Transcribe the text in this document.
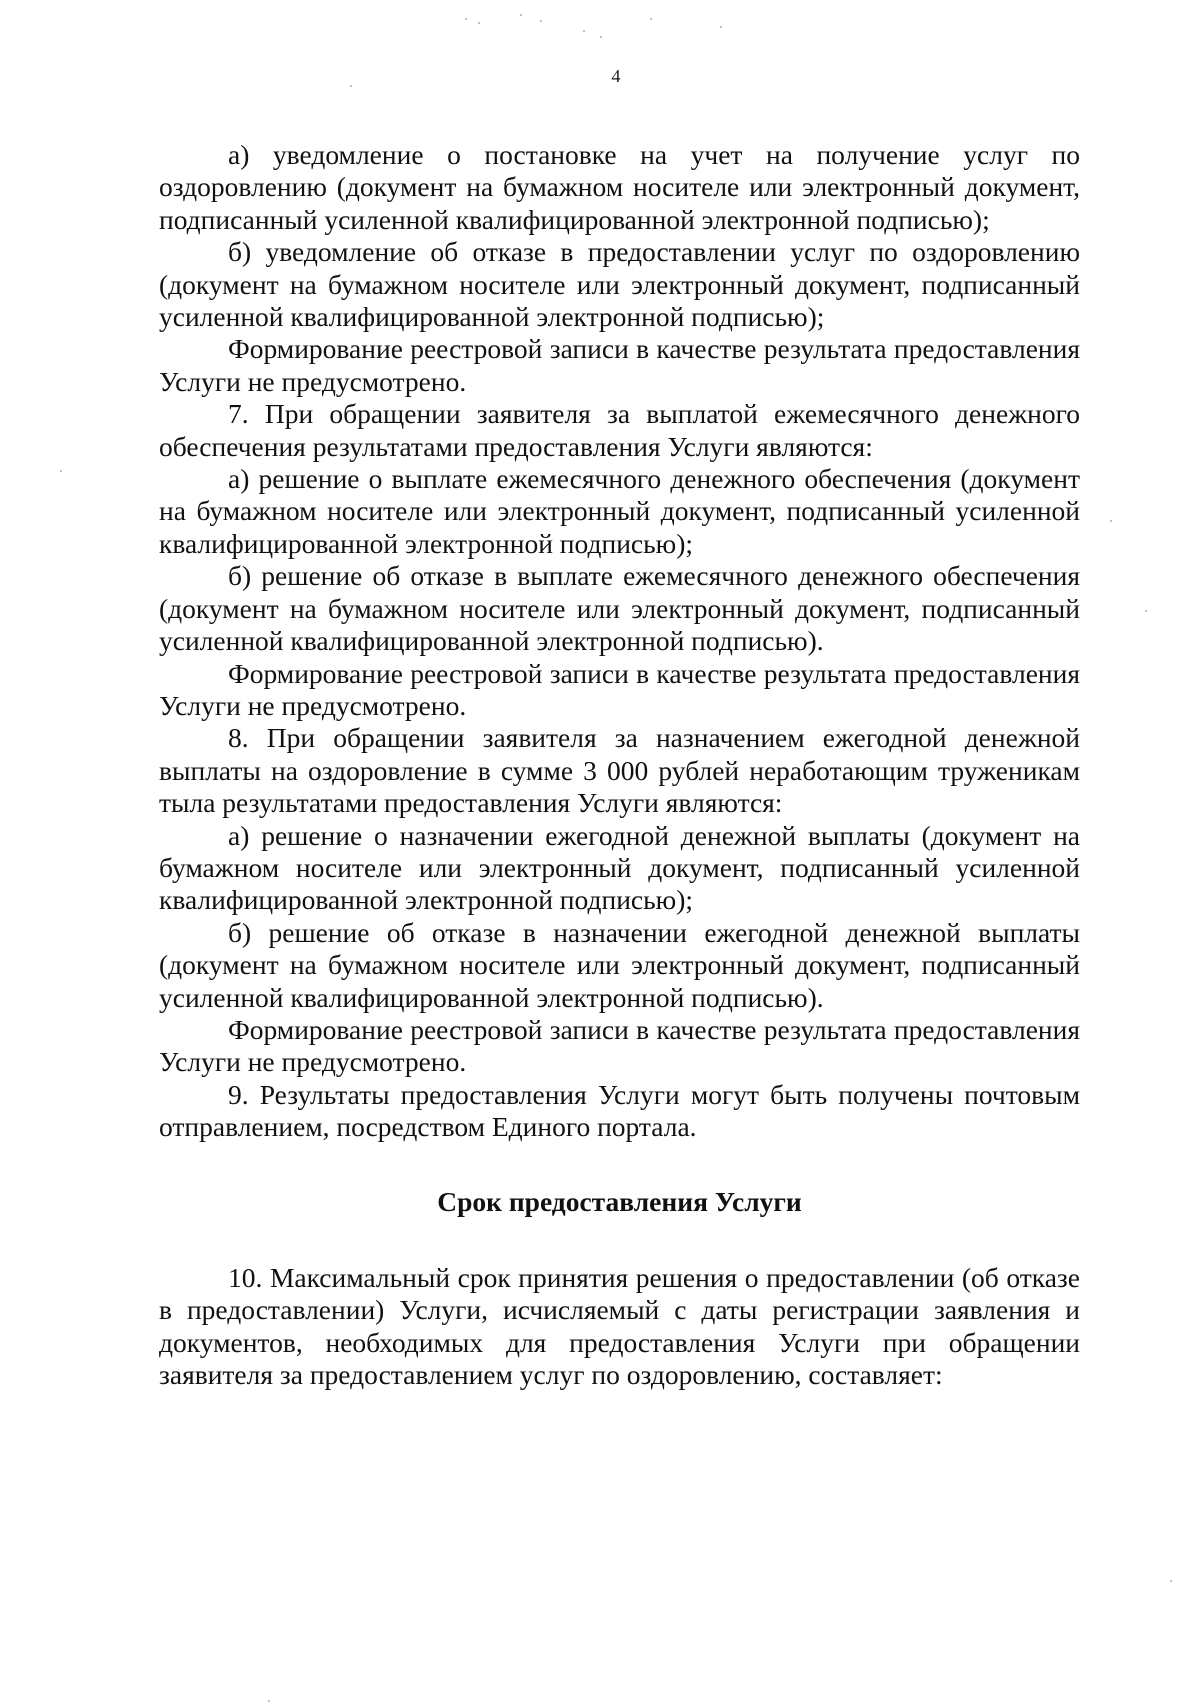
4

а) уведомление о постановке на учет на получение услуг по оздоровлению (документ на бумажном носителе или электронный документ, подписанный усиленной квалифицированной электронной подписью);

б) уведомление об отказе в предоставлении услуг по оздоровлению (документ на бумажном носителе или электронный документ, подписанный усиленной квалифицированной электронной подписью);

Формирование реестровой записи в качестве результата предоставления Услуги не предусмотрено.

7. При обращении заявителя за выплатой ежемесячного денежного обеспечения результатами предоставления Услуги являются:

а) решение о выплате ежемесячного денежного обеспечения (документ на бумажном носителе или электронный документ, подписанный усиленной квалифицированной электронной подписью);

б) решение об отказе в выплате ежемесячного денежного обеспечения (документ на бумажном носителе или электронный документ, подписанный усиленной квалифицированной электронной подписью).

Формирование реестровой записи в качестве результата предоставления Услуги не предусмотрено.

8. При обращении заявителя за назначением ежегодной денежной выплаты на оздоровление в сумме 3 000 рублей неработающим труженикам тыла результатами предоставления Услуги являются:

а) решение о назначении ежегодной денежной выплаты (документ на бумажном носителе или электронный документ, подписанный усиленной квалифицированной электронной подписью);

б) решение об отказе в назначении ежегодной денежной выплаты (документ на бумажном носителе или электронный документ, подписанный усиленной квалифицированной электронной подписью).

Формирование реестровой записи в качестве результата предоставления Услуги не предусмотрено.

9. Результаты предоставления Услуги могут быть получены почтовым отправлением, посредством Единого портала.

Срок предоставления Услуги

10. Максимальный срок принятия решения о предоставлении (об отказе в предоставлении) Услуги, исчисляемый с даты регистрации заявления и документов, необходимых для предоставления Услуги при обращении заявителя за предоставлением услуг по оздоровлению, составляет:
